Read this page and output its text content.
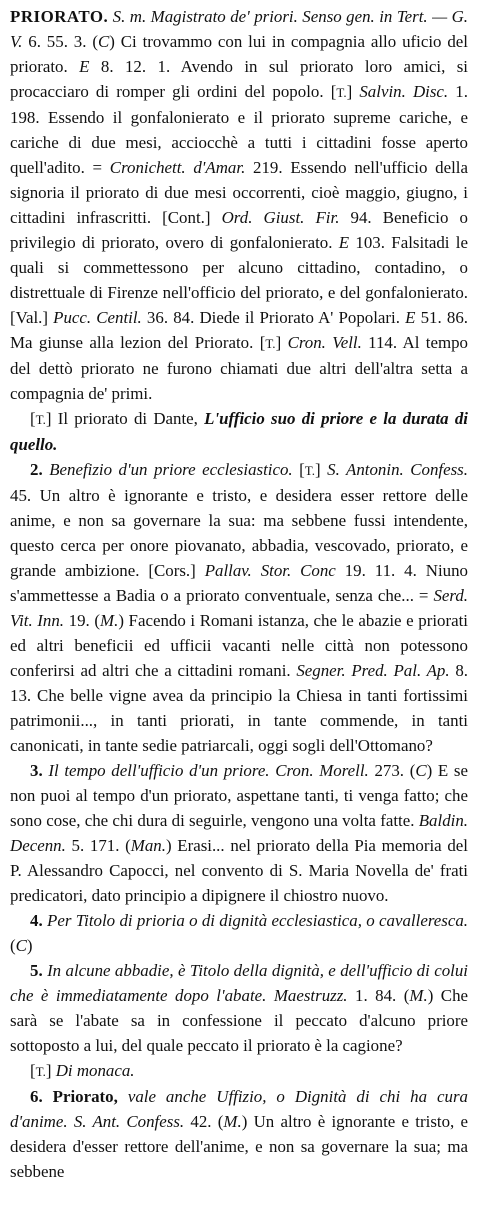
PRIORATO. S. m. Magistrato de' priori. Senso gen. in Tert. — G. V. 6. 55. 3. (C) Ci trovammo con lui in compagnia allo uficio del priorato. E 8. 12. 1. Avendo in sul priorato loro amici, si procacciaro di romper gli ordini del popolo. [T.] Salvin. Disc. 1. 198. Essendo il gonfalonierato e il priorato supreme cariche, e cariche di due mesi, acciocchè a tutti i cittadini fosse aperto quell'adito. = Cronichett. d'Amar. 219. Essendo nell'ufficio della signoria il priorato di due mesi occorrenti, cioè maggio, giugno, i cittadini infrascritti. [Cont.] Ord. Giust. Fir. 94. Beneficio o privilegio di priorato, overo di gonfalonierato. E 103. Falsitadi le quali si commettessono per alcuno cittadino, contadino, o distrettuale di Firenze nell'officio del priorato, e del gonfalonierato. [Val.] Pucc. Centil. 36. 84. Diede il Priorato A' Popolari. E 51. 86. Ma giunse alla lezion del Priorato. [T.] Cron. Vell. 114. Al tempo del dettò priorato ne furono chiamati due altri dell'altra setta a compagnia de' primi.

[T.] Il priorato di Dante, L'ufficio suo di priore e la durata di quello.

2. Benefizio d'un priore ecclesiastico. [T.] S. Antonin. Confess. 45. Un altro è ignorante e tristo, e desidera esser rettore delle anime, e non sa governare la sua: ma sebbene fussi intendente, questo cerca per onore piovanato, abbadia, vescovado, priorato, e grande ambizione. [Cors.] Pallav. Stor. Conc 19. 11. 4. Niuno s'ammettesse a Badia o a priorato conventuale, senza che... = Serd. Vit. Inn. 19. (M.) Facendo i Romani istanza, che le abazie e priorati ed altri beneficii ed ufficii vacanti nelle città non potessono conferirsi ad altri che a cittadini romani. Segner. Pred. Pal. Ap. 8. 13. Che belle vigne avea da principio la Chiesa in tanti fortissimi patrimonii..., in tanti priorati, in tante commende, in tanti canonicati, in tante sedie patriarcali, oggi sogli dell'Ottomano?

3. Il tempo dell'ufficio d'un priore. Cron. Morell. 273. (C) E se non puoi al tempo d'un priorato, aspettane tanti, ti venga fatto; che sono cose, che chi dura di seguirle, vengono una volta fatte. Baldin. Decenn. 5. 171. (Man.) Erasi... nel priorato della Pia memoria del P. Alessandro Capocci, nel convento di S. Maria Novella de' frati predicatori, dato principio a dipignere il chiostro nuovo.

4. Per Titolo di prioria o di dignità ecclesiastica, o cavalleresca. (C)

5. In alcune abbadie, è Titolo della dignità, e dell'ufficio di colui che è immediatamente dopo l'abate. Maestruzz. 1. 84. (M.) Che sarà se l'abate sa in confessione il peccato d'alcuno priore sottoposto a lui, del quale peccato il priorato è la cagione?

[T.] Di monaca.

6. Priorato, vale anche Uffizio, o Dignità di chi ha cura d'anime. S. Ant. Confess. 42. (M.) Un altro è ignorante e tristo, e desidera d'esser rettore dell'anime, e non sa governare la sua; ma sebbene
